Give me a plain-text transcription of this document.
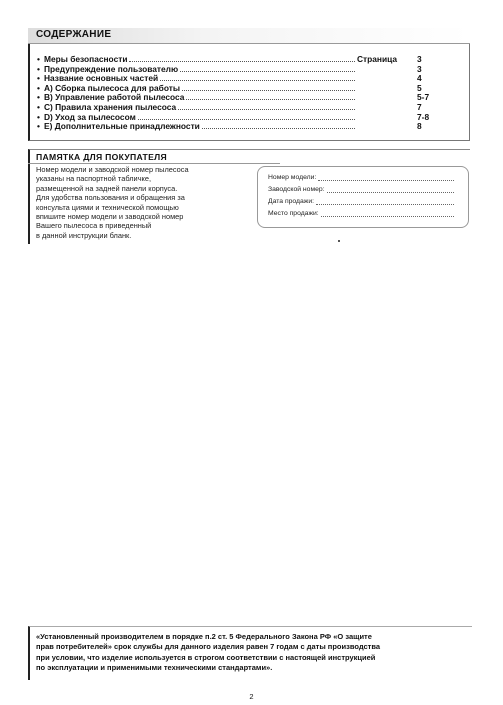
СОДЕРЖАНИЕ
• Меры безопасности	Страница	3
• Предупреждение пользователю	3
• Название основных частей	4
• A) Сборка пылесоса для работы	5
• B) Управление работой пылесоса	5-7
• C) Правила хранения пылесоса	7
• D) Уход за пылесосом	7-8
• E) Дополнительные принадлежности	8
ПАМЯТКА ДЛЯ ПОКУПАТЕЛЯ
Номер модели и заводской номер пылесоса
указаны на паспортной табличке,
размещенной на задней панели корпуса.
Для удобства пользования и обращения за
консульта циями и технической помощью
впишите номер модели и заводской номер
Вашего пылесоса в приведенный
в данной инструкции бланк.
Номер модели:
Заводской номер:
Дата продажи:
Место продажи:
«Установленный производителем в порядке п.2 ст. 5 Федерального Закона РФ «О защите
прав потребителей» срок службы для данного изделия равен 7 годам с даты производства
при условии, что изделие используется в строгом соответствии с настоящей инструкцией
по эксплуатации и применимыми техническими стандартами».
2
